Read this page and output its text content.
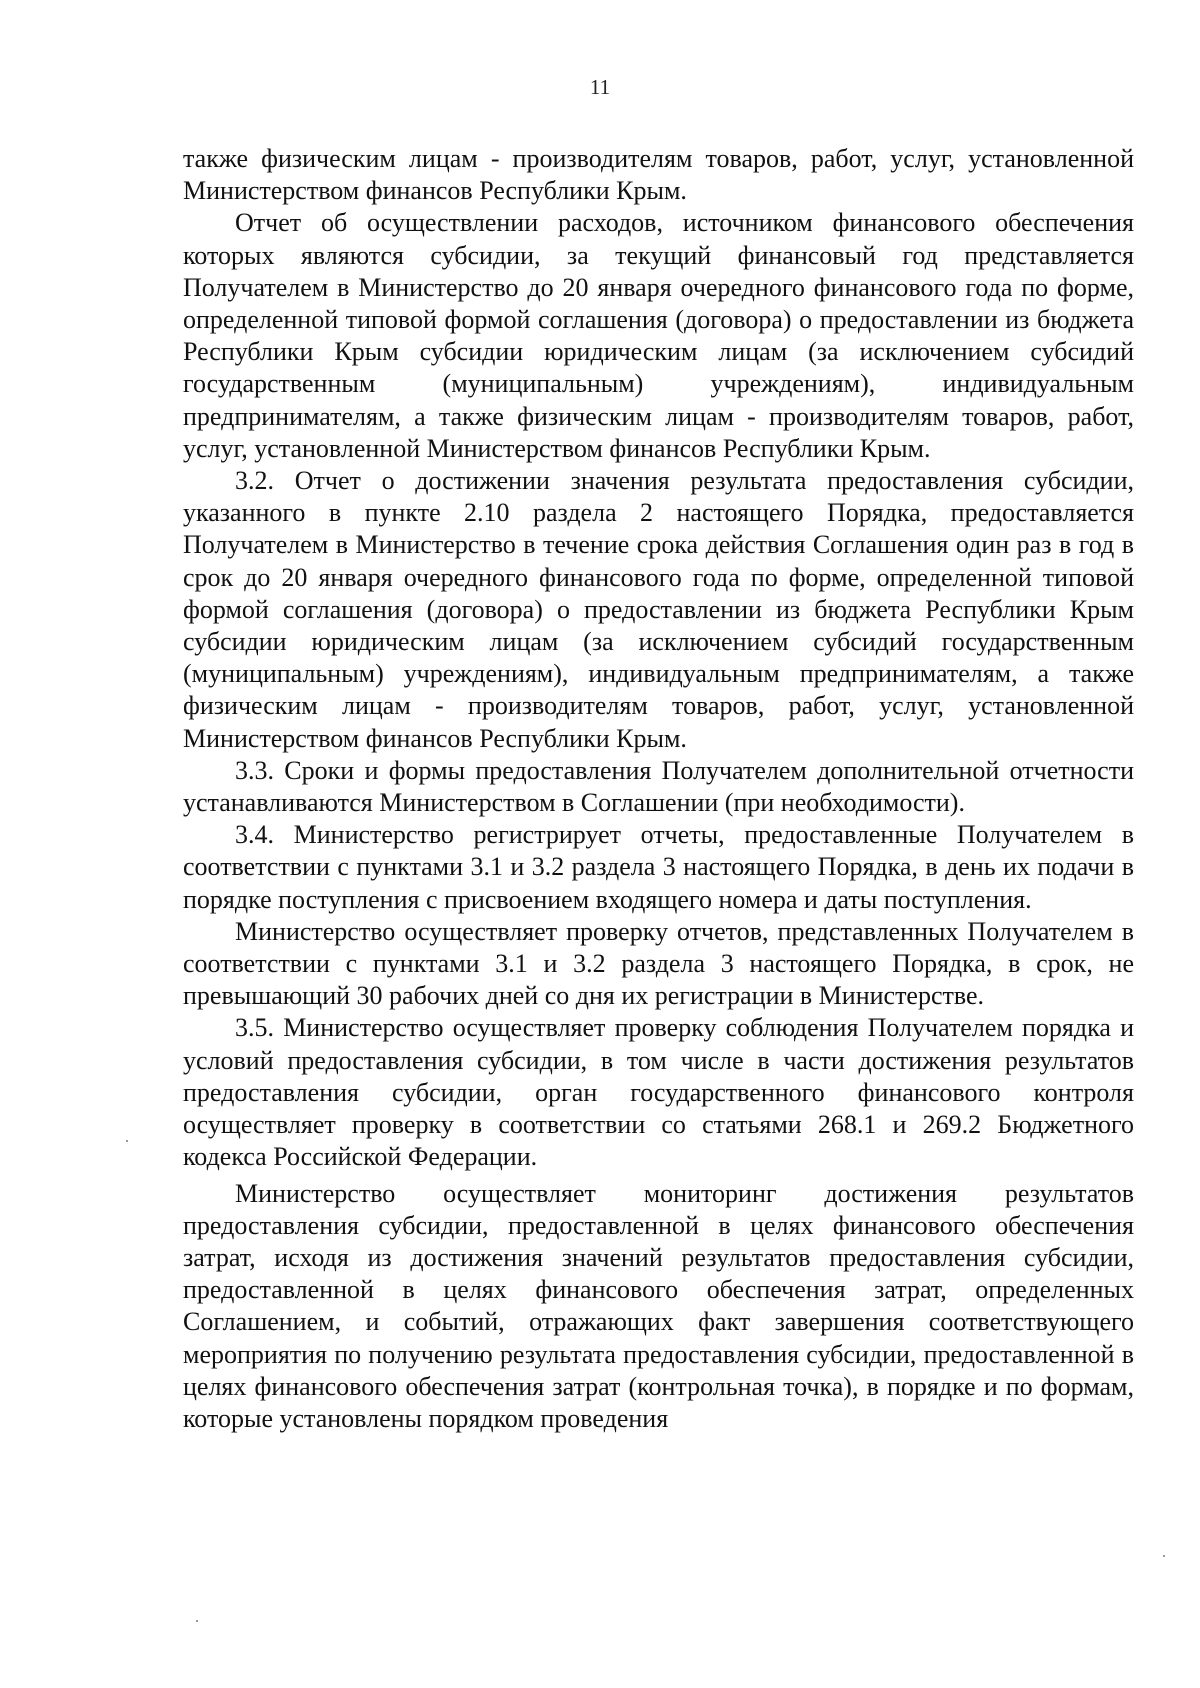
11

также физическим лицам - производителям товаров, работ, услуг, установленной Министерством финансов Республики Крым.

Отчет об осуществлении расходов, источником финансового обеспечения которых являются субсидии, за текущий финансовый год представляется Получателем в Министерство до 20 января очередного финансового года по форме, определенной типовой формой соглашения (договора) о предоставлении из бюджета Республики Крым субсидии юридическим лицам (за исключением субсидий государственным (муниципальным) учреждениям), индивидуальным предпринимателям, а также физическим лицам - производителям товаров, работ, услуг, установленной Министерством финансов Республики Крым.

3.2. Отчет о достижении значения результата предоставления субсидии, указанного в пункте 2.10 раздела 2 настоящего Порядка, предоставляется Получателем в Министерство в течение срока действия Соглашения один раз в год в срок до 20 января очередного финансового года по форме, определенной типовой формой соглашения (договора) о предоставлении из бюджета Республики Крым субсидии юридическим лицам (за исключением субсидий государственным (муниципальным) учреждениям), индивидуальным предпринимателям, а также физическим лицам - производителям товаров, работ, услуг, установленной Министерством финансов Республики Крым.

3.3. Сроки и формы предоставления Получателем дополнительной отчетности устанавливаются Министерством в Соглашении (при необходимости).

3.4. Министерство регистрирует отчеты, предоставленные Получателем в соответствии с пунктами 3.1 и 3.2 раздела 3 настоящего Порядка, в день их подачи в порядке поступления с присвоением входящего номера и даты поступления.

Министерство осуществляет проверку отчетов, представленных Получателем в соответствии с пунктами 3.1 и 3.2 раздела 3 настоящего Порядка, в срок, не превышающий 30 рабочих дней со дня их регистрации в Министерстве.

3.5. Министерство осуществляет проверку соблюдения Получателем порядка и условий предоставления субсидии, в том числе в части достижения результатов предоставления субсидии, орган государственного финансового контроля осуществляет проверку в соответствии со статьями 268.1 и 269.2 Бюджетного кодекса Российской Федерации.

Министерство осуществляет мониторинг достижения результатов предоставления субсидии, предоставленной в целях финансового обеспечения затрат, исходя из достижения значений результатов предоставления субсидии, предоставленной в целях финансового обеспечения затрат, определенных Соглашением, и событий, отражающих факт завершения соответствующего мероприятия по получению результата предоставления субсидии, предоставленной в целях финансового обеспечения затрат (контрольная точка), в порядке и по формам, которые установлены порядком проведения
